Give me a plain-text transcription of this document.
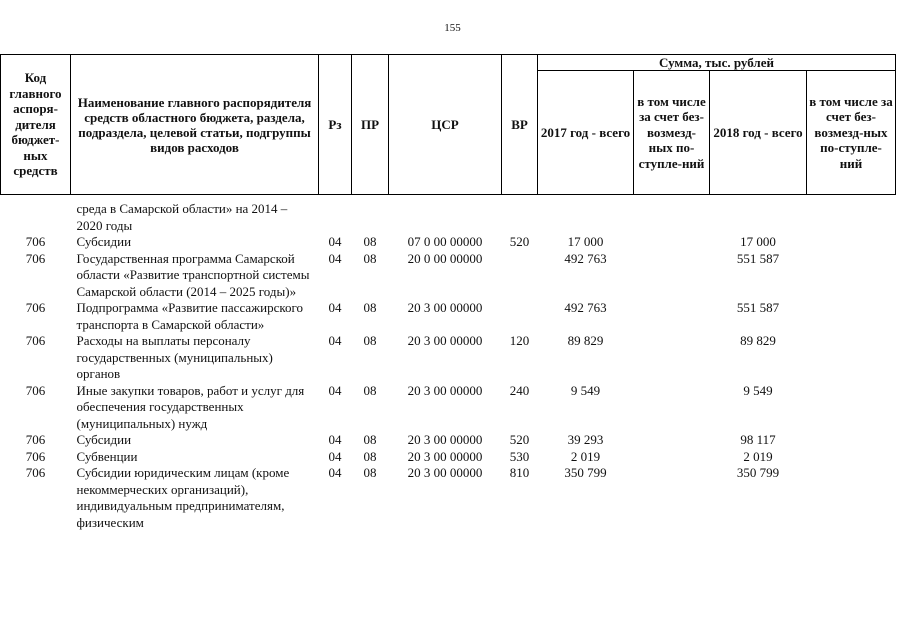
155
Код главного аспоря-дителя бюджет-ных средств	Наименование главного распорядителя средств областного бюджета, раздела, подраздела, целевой статьи, подгруппы видов расходов	Рз	ПР	ЦСР	ВР	Сумма, тыс. рублей			
						2017 год - всего	в том числе за счет без-возмезд-ных по-ступле-ний	2018 год - всего	в том числе за счет без-возмезд-ных по-ступле-ний

	среда в Самарской области» на 2014 – 2020 годы								
706	Субсидии	04	08	07 0 00 00000	520	17 000		17 000	
706	Государственная программа Самарской области «Развитие транспортной системы Самарской области (2014 – 2025 годы)»	04	08	20 0 00 00000		492 763		551 587	
706	Подпрограмма «Развитие пассажирского транспорта в Самарской области»	04	08	20 3 00 00000		492 763		551 587	
706	Расходы на выплаты персоналу государственных (муниципальных) органов	04	08	20 3 00 00000	120	89 829		89 829	
706	Иные закупки товаров, работ и услуг для обеспечения государственных (муниципальных) нужд	04	08	20 3 00 00000	240	9 549		9 549	
706	Субсидии	04	08	20 3 00 00000	520	39 293		98 117	
706	Субвенции	04	08	20 3 00 00000	530	2 019		2 019	
706	Субсидии юридическим лицам (кроме некоммерческих организаций), индивидуальным предпринимателям, физическим	04	08	20 3 00 00000	810	350 799		350 799	
